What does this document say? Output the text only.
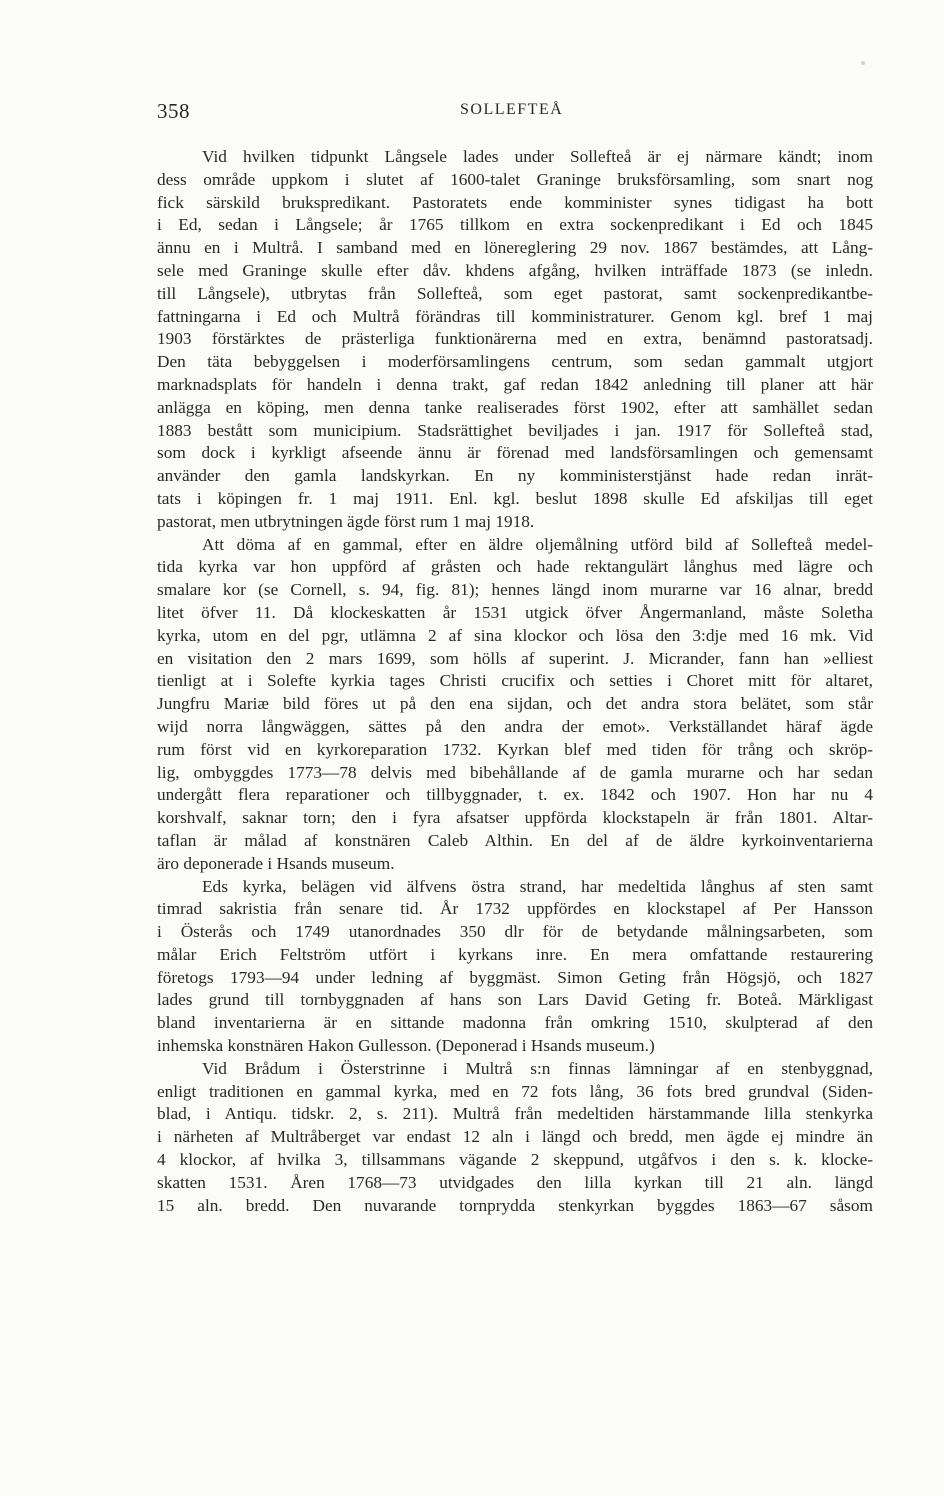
358	SOLLEFTEÅ
Vid hvilken tidpunkt Långsele lades under Sollefteå är ej närmare kändt; inom
dess område uppkom i slutet af 1600-talet Graninge bruksförsamling, som snart nog
fick särskild brukspredikant. Pastoratets ende komminister synes tidigast ha bott
i Ed, sedan i Långsele; år 1765 tillkom en extra sockenpredikant i Ed och 1845
ännu en i Multrå. I samband med en lönereglering 29 nov. 1867 bestämdes, att Lång-
sele med Graninge skulle efter dåv. khdens afgång, hvilken inträffade 1873 (se inledn.
till Långsele), utbrytas från Sollefteå, som eget pastorat, samt sockenpredikantbe-
fattningarna i Ed och Multrå förändras till komministraturer. Genom kgl. bref 1 maj
1903 förstärktes de prästerliga funktionärerna med en extra, benämnd pastoratsadj.
Den täta bebyggelsen i moderförsamlingens centrum, som sedan gammalt utgjort
marknadsplats för handeln i denna trakt, gaf redan 1842 anledning till planer att här
anlägga en köping, men denna tanke realiserades först 1902, efter att samhället sedan
1883 bestått som municipium. Stadsrättighet beviljades i jan. 1917 för Sollefteå stad,
som dock i kyrkligt afseende ännu är förenad med landsförsamlingen och gemensamt
använder den gamla landskyrkan. En ny komministerstjänst hade redan inrät-
tats i köpingen fr. 1 maj 1911. Enl. kgl. beslut 1898 skulle Ed afskiljas till eget
pastorat, men utbrytningen ägde först rum 1 maj 1918.
Att döma af en gammal, efter en äldre oljemålning utförd bild af Sollefteå medel-
tida kyrka var hon uppförd af gråsten och hade rektangulärt långhus med lägre och
smalare kor (se Cornell, s. 94, fig. 81); hennes längd inom murarne var 16 alnar, bredd
litet öfver 11. Då klockeskatten år 1531 utgick öfver Ångermanland, måste Soletha
kyrka, utom en del pgr, utlämna 2 af sina klockor och lösa den 3:dje med 16 mk. Vid
en visitation den 2 mars 1699, som hölls af superint. J. Micrander, fann han »elliest
tienligt at i Solefte kyrkia tages Christi crucifix och setties i Choret mitt för altaret,
Jungfru Mariæ bild föres ut på den ena sijdan, och det andra stora belätet, som står
wijd norra långwäggen, sättes på den andra der emot». Verkställandet häraf ägde
rum först vid en kyrkoreparation 1732. Kyrkan blef med tiden för trång och skröp-
lig, ombyggdes 1773—78 delvis med bibehållande af de gamla murarne och har sedan
undergått flera reparationer och tillbyggnader, t. ex. 1842 och 1907. Hon har nu 4
korshvalf, saknar torn; den i fyra afsatser uppförda klockstapeln är från 1801. Altar-
taflan är målad af konstnären Caleb Althin. En del af de äldre kyrkoinventarierna
äro deponerade i Hsands museum.
Eds kyrka, belägen vid älfvens östra strand, har medeltida långhus af sten samt
timrad sakristia från senare tid. År 1732 uppfördes en klockstapel af Per Hansson
i Österås och 1749 utanordnades 350 dlr för de betydande målningsarbeten, som
målar Erich Feltström utfört i kyrkans inre. En mera omfattande restaurering
företogs 1793—94 under ledning af byggmäst. Simon Geting från Högsjö, och 1827
lades grund till tornbyggnaden af hans son Lars David Geting fr. Boteå. Märkligast
bland inventarierna är en sittande madonna från omkring 1510, skulpterad af den
inhemska konstnären Hakon Gullesson. (Deponerad i Hsands museum.)
Vid Brådum i Österstrinne i Multrå s:n finnas lämningar af en stenbyggnad,
enligt traditionen en gammal kyrka, med en 72 fots lång, 36 fots bred grundval (Siden-
blad, i Antiqu. tidskr. 2, s. 211). Multrå från medeltiden härstammande lilla stenkyrka
i närheten af Multråberget var endast 12 aln i längd och bredd, men ägde ej mindre än
4 klockor, af hvilka 3, tillsammans vägande 2 skeppund, utgåfvos i den s. k. klocke-
skatten 1531. Åren 1768—73 utvidgades den lilla kyrkan till 21 aln. längd
15 aln. bredd. Den nuvarande tornprydda stenkyrkan byggdes 1863—67 såsom
